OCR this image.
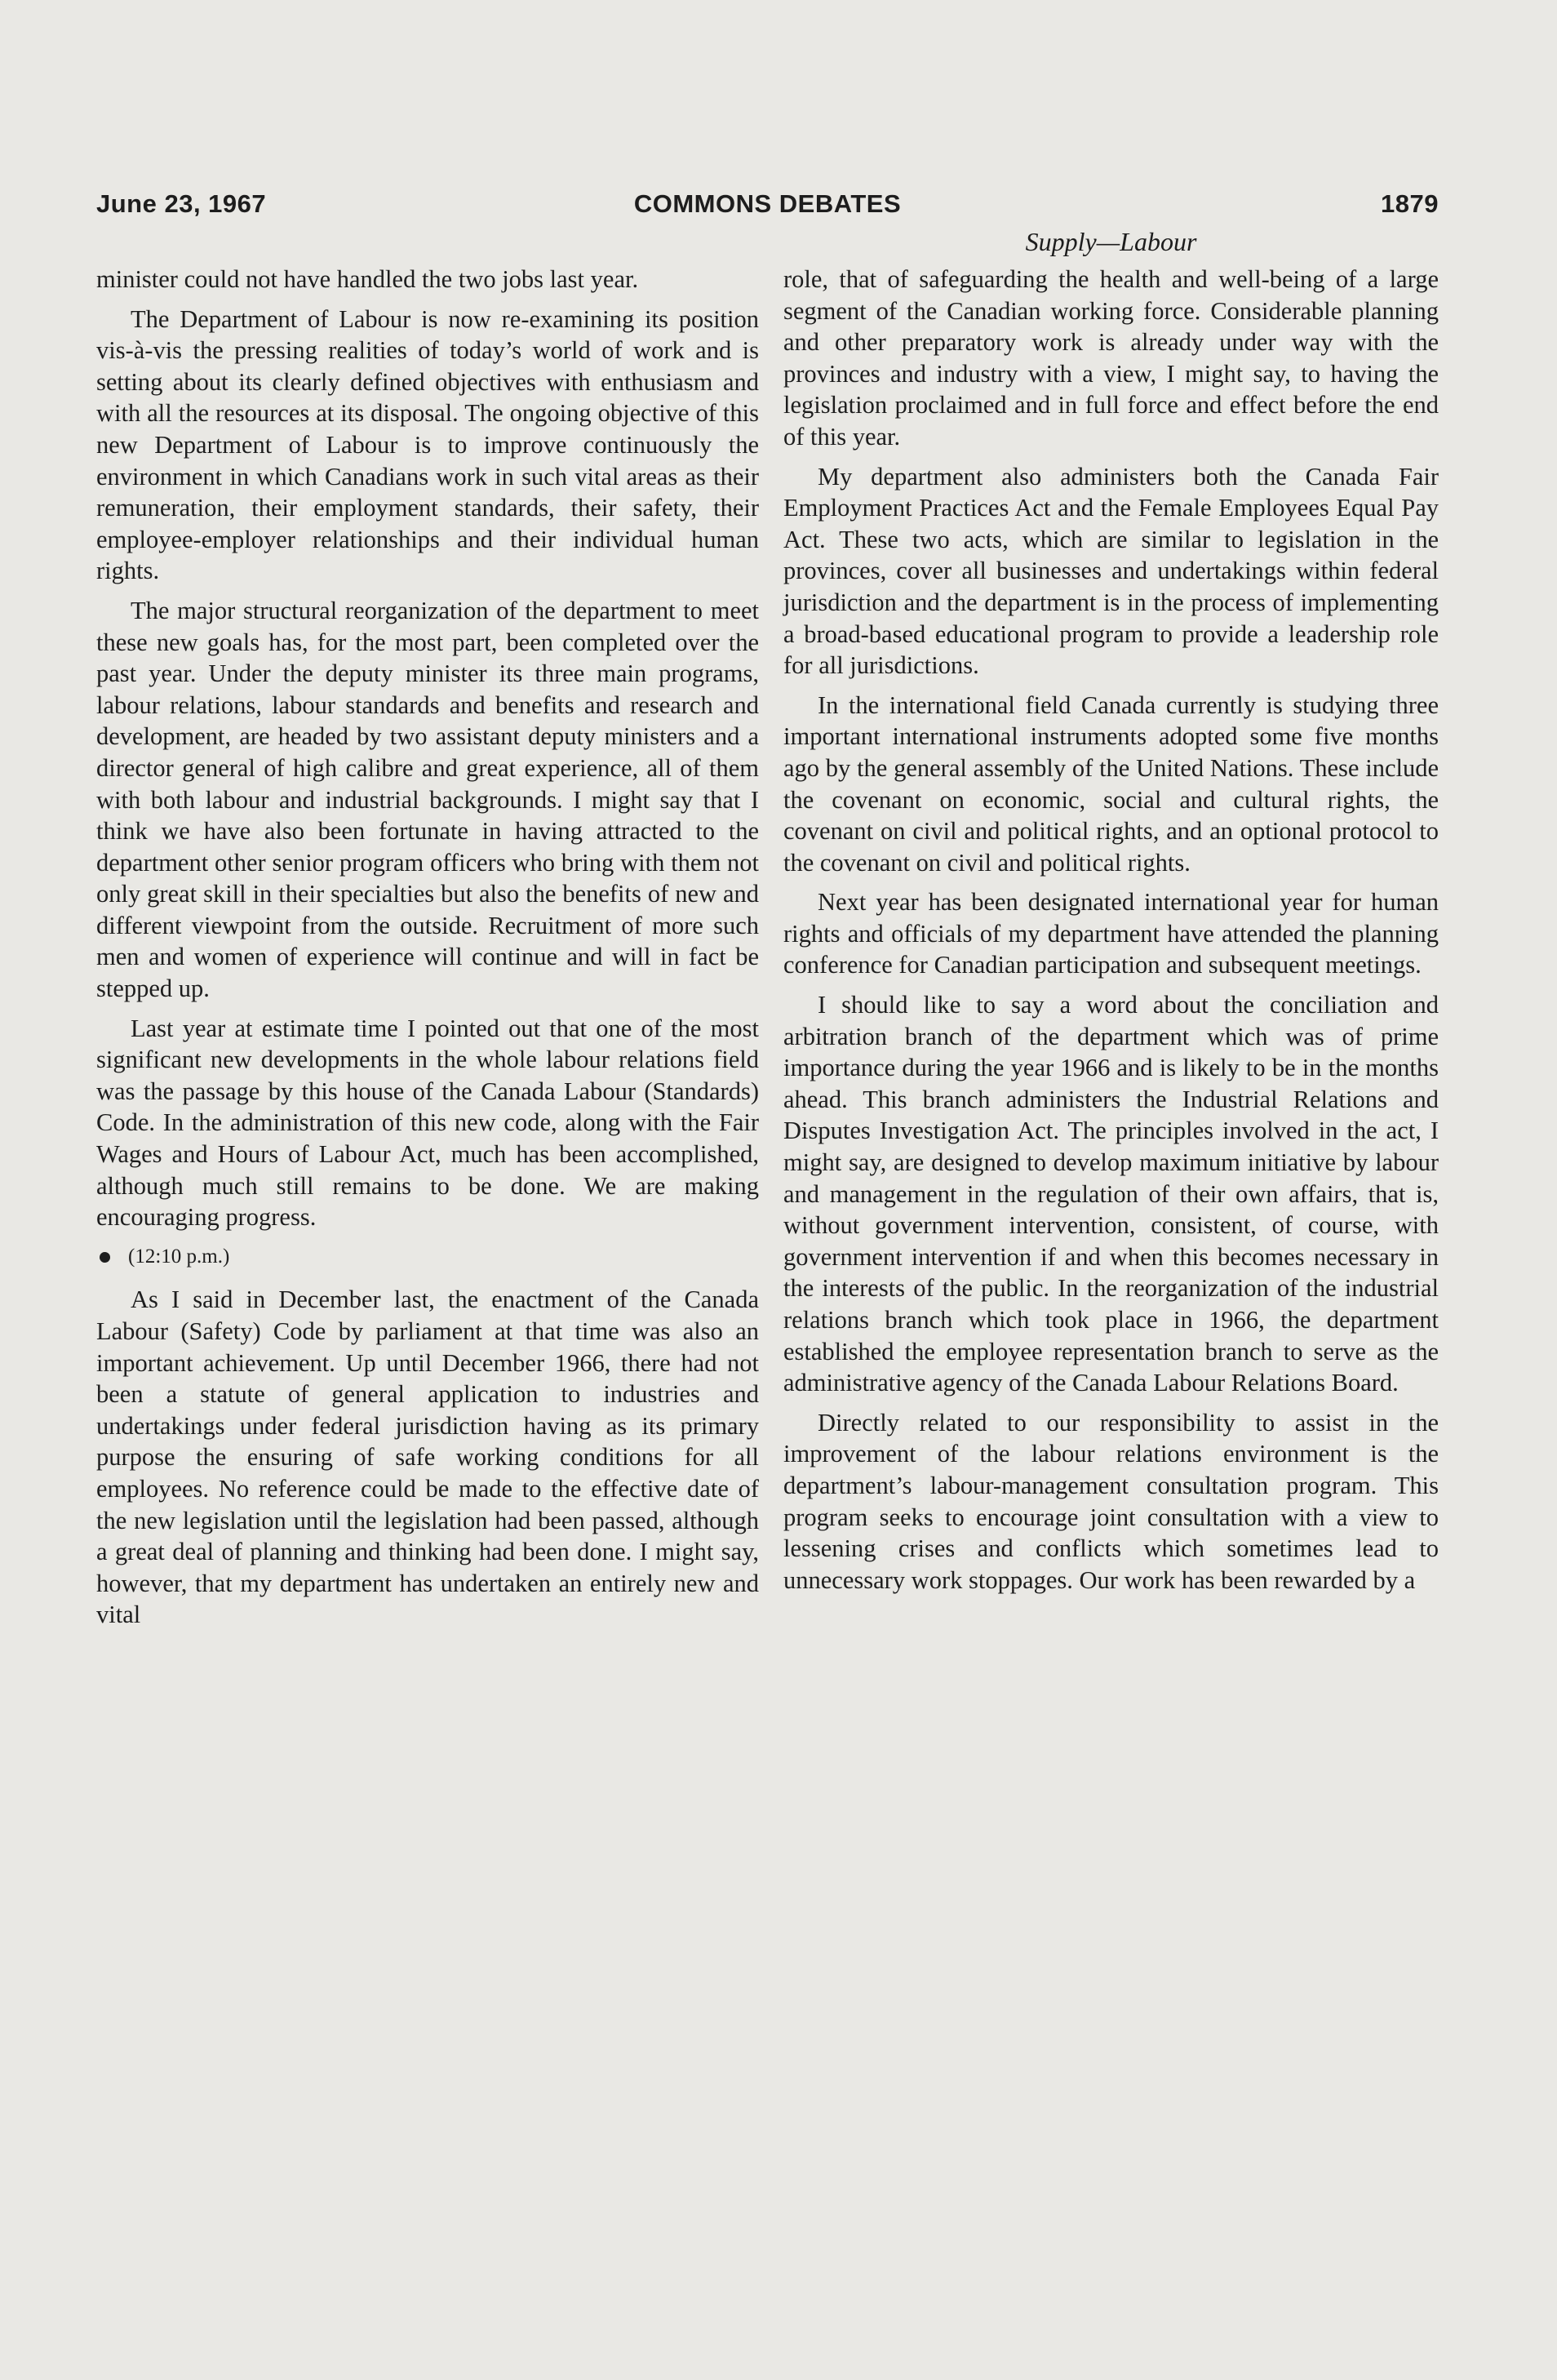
June 23, 1967	COMMONS DEBATES	1879
Supply—Labour

minister could not have handled the two jobs last year.

The Department of Labour is now re-examining its position vis-à-vis the pressing realities of today’s world of work and is setting about its clearly defined objectives with enthusiasm and with all the resources at its disposal. The ongoing objective of this new Department of Labour is to improve continuously the environment in which Canadians work in such vital areas as their remuneration, their employment standards, their safety, their employee-employer relationships and their individual human rights.

The major structural reorganization of the department to meet these new goals has, for the most part, been completed over the past year. Under the deputy minister its three main programs, labour relations, labour standards and benefits and research and development, are headed by two assistant deputy ministers and a director general of high calibre and great experience, all of them with both labour and industrial backgrounds. I might say that I think we have also been fortunate in having attracted to the department other senior program officers who bring with them not only great skill in their specialties but also the benefits of new and different viewpoint from the outside. Recruitment of more such men and women of experience will continue and will in fact be stepped up.

Last year at estimate time I pointed out that one of the most significant new developments in the whole labour relations field was the passage by this house of the Canada Labour (Standards) Code. In the administration of this new code, along with the Fair Wages and Hours of Labour Act, much has been accomplished, although much still remains to be done. We are making encouraging progress.

(12:10 p.m.)

As I said in December last, the enactment of the Canada Labour (Safety) Code by parliament at that time was also an important achievement. Up until December 1966, there had not been a statute of general application to industries and undertakings under federal jurisdiction having as its primary purpose the ensuring of safe working conditions for all employees. No reference could be made to the effective date of the new legislation until the legislation had been passed, although a great deal of planning and thinking had been done. I might say, however, that my department has undertaken an entirely new and vital

role, that of safeguarding the health and well-being of a large segment of the Canadian working force. Considerable planning and other preparatory work is already under way with the provinces and industry with a view, I might say, to having the legislation proclaimed and in full force and effect before the end of this year.

My department also administers both the Canada Fair Employment Practices Act and the Female Employees Equal Pay Act. These two acts, which are similar to legislation in the provinces, cover all businesses and undertakings within federal jurisdiction and the department is in the process of implementing a broad-based educational program to provide a leadership role for all jurisdictions.

In the international field Canada currently is studying three important international instruments adopted some five months ago by the general assembly of the United Nations. These include the covenant on economic, social and cultural rights, the covenant on civil and political rights, and an optional protocol to the covenant on civil and political rights.

Next year has been designated international year for human rights and officials of my department have attended the planning conference for Canadian participation and subsequent meetings.

I should like to say a word about the conciliation and arbitration branch of the department which was of prime importance during the year 1966 and is likely to be in the months ahead. This branch administers the Industrial Relations and Disputes Investigation Act. The principles involved in the act, I might say, are designed to develop maximum initiative by labour and management in the regulation of their own affairs, that is, without government intervention, consistent, of course, with government intervention if and when this becomes necessary in the interests of the public. In the reorganization of the industrial relations branch which took place in 1966, the department established the employee representation branch to serve as the administrative agency of the Canada Labour Relations Board.

Directly related to our responsibility to assist in the improvement of the labour relations environment is the department’s labour-management consultation program. This program seeks to encourage joint consultation with a view to lessening crises and conflicts which sometimes lead to unnecessary work stoppages. Our work has been rewarded by a
